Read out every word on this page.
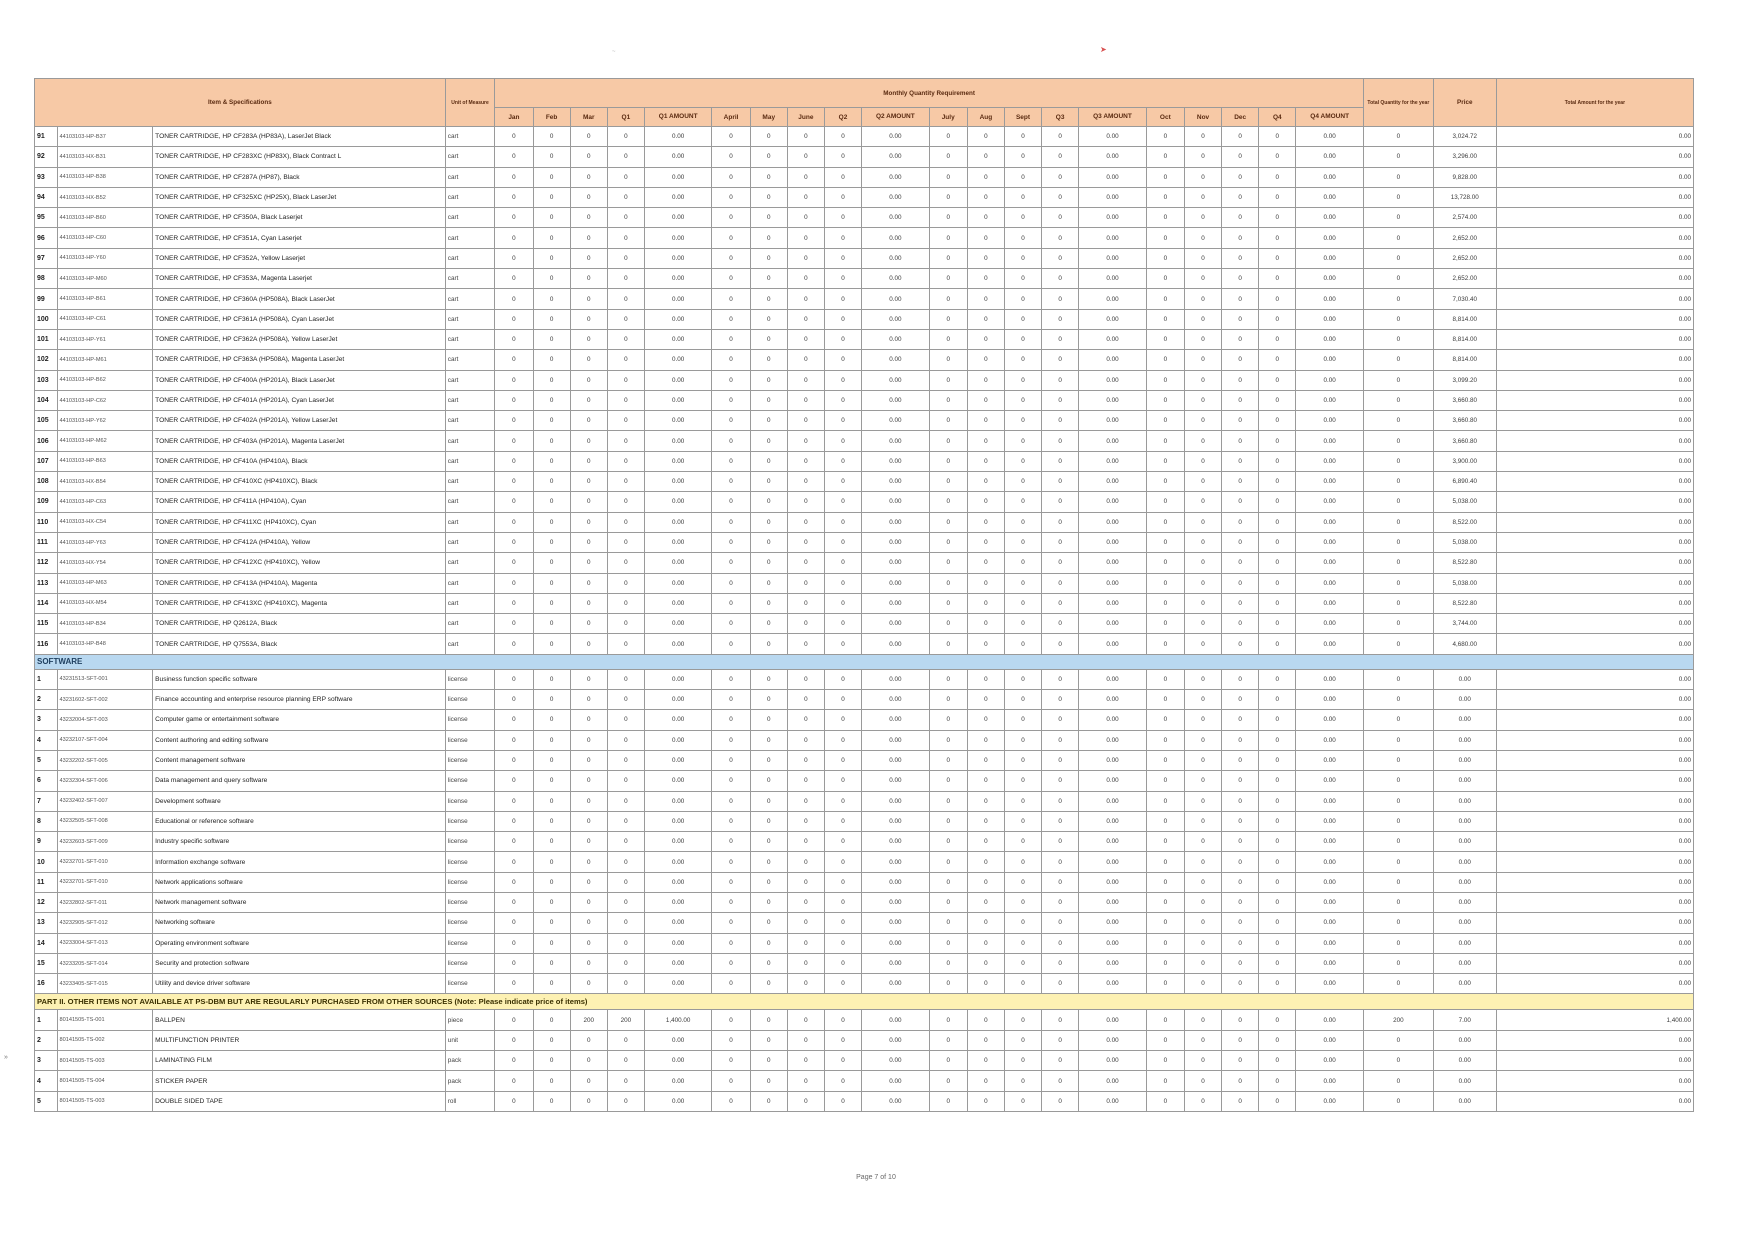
➤
~
Item & Specifications			Unit of Measure	Monthly Quantity Requirement																				Total Quantity for the year	Price	Total Amount for the year
				Jan	Feb	Mar	Q1	Q1 AMOUNT	April	May	June	Q2	Q2 AMOUNT	July	Aug	Sept	Q3	Q3 AMOUNT	Oct	Nov	Dec	Q4	Q4 AMOUNT			
91	44103103-HP-B37	TONER CARTRIDGE, HP CF283A (HP83A), LaserJet Black	cart	0	0	0	0	0.00	0	0	0	0	0.00	0	0	0	0	0.00	0	0	0	0	0.00	0	3,024.72	0.00
92	44103103-HX-B31	TONER CARTRIDGE, HP CF283XC (HP83X), Black Contract L	cart	0	0	0	0	0.00	0	0	0	0	0.00	0	0	0	0	0.00	0	0	0	0	0.00	0	3,296.00	0.00
93	44103103-HP-B38	TONER CARTRIDGE, HP CF287A (HP87), Black	cart	0	0	0	0	0.00	0	0	0	0	0.00	0	0	0	0	0.00	0	0	0	0	0.00	0	9,828.00	0.00
94	44103103-HX-B52	TONER CARTRIDGE, HP CF325XC (HP25X), Black LaserJet	cart	0	0	0	0	0.00	0	0	0	0	0.00	0	0	0	0	0.00	0	0	0	0	0.00	0	13,728.00	0.00
95	44103103-HP-B60	TONER CARTRIDGE, HP CF350A, Black Laserjet	cart	0	0	0	0	0.00	0	0	0	0	0.00	0	0	0	0	0.00	0	0	0	0	0.00	0	2,574.00	0.00
96	44103103-HP-C60	TONER CARTRIDGE, HP CF351A, Cyan Laserjet	cart	0	0	0	0	0.00	0	0	0	0	0.00	0	0	0	0	0.00	0	0	0	0	0.00	0	2,652.00	0.00
97	44103103-HP-Y60	TONER CARTRIDGE, HP CF352A, Yellow Laserjet	cart	0	0	0	0	0.00	0	0	0	0	0.00	0	0	0	0	0.00	0	0	0	0	0.00	0	2,652.00	0.00
98	44103103-HP-M60	TONER CARTRIDGE, HP CF353A, Magenta Laserjet	cart	0	0	0	0	0.00	0	0	0	0	0.00	0	0	0	0	0.00	0	0	0	0	0.00	0	2,652.00	0.00
99	44103103-HP-B61	TONER CARTRIDGE, HP CF360A (HP508A), Black LaserJet	cart	0	0	0	0	0.00	0	0	0	0	0.00	0	0	0	0	0.00	0	0	0	0	0.00	0	7,030.40	0.00
100	44103103-HP-C61	TONER CARTRIDGE, HP CF361A (HP508A), Cyan LaserJet	cart	0	0	0	0	0.00	0	0	0	0	0.00	0	0	0	0	0.00	0	0	0	0	0.00	0	8,814.00	0.00
101	44103103-HP-Y61	TONER CARTRIDGE, HP CF362A (HP508A), Yellow LaserJet	cart	0	0	0	0	0.00	0	0	0	0	0.00	0	0	0	0	0.00	0	0	0	0	0.00	0	8,814.00	0.00
102	44103103-HP-M61	TONER CARTRIDGE, HP CF363A (HP508A), Magenta LaserJet	cart	0	0	0	0	0.00	0	0	0	0	0.00	0	0	0	0	0.00	0	0	0	0	0.00	0	8,814.00	0.00
103	44103103-HP-B62	TONER CARTRIDGE, HP CF400A (HP201A), Black LaserJet	cart	0	0	0	0	0.00	0	0	0	0	0.00	0	0	0	0	0.00	0	0	0	0	0.00	0	3,099.20	0.00
104	44103103-HP-C62	TONER CARTRIDGE, HP CF401A (HP201A), Cyan LaserJet	cart	0	0	0	0	0.00	0	0	0	0	0.00	0	0	0	0	0.00	0	0	0	0	0.00	0	3,660.80	0.00
105	44103103-HP-Y62	TONER CARTRIDGE, HP CF402A (HP201A), Yellow LaserJet	cart	0	0	0	0	0.00	0	0	0	0	0.00	0	0	0	0	0.00	0	0	0	0	0.00	0	3,660.80	0.00
106	44103103-HP-M62	TONER CARTRIDGE, HP CF403A (HP201A), Magenta LaserJet	cart	0	0	0	0	0.00	0	0	0	0	0.00	0	0	0	0	0.00	0	0	0	0	0.00	0	3,660.80	0.00
107	44103103-HP-B63	TONER CARTRIDGE, HP CF410A (HP410A), Black	cart	0	0	0	0	0.00	0	0	0	0	0.00	0	0	0	0	0.00	0	0	0	0	0.00	0	3,900.00	0.00
108	44103103-HX-B54	TONER CARTRIDGE, HP CF410XC (HP410XC), Black	cart	0	0	0	0	0.00	0	0	0	0	0.00	0	0	0	0	0.00	0	0	0	0	0.00	0	6,890.40	0.00
109	44103103-HP-C63	TONER CARTRIDGE, HP CF411A (HP410A), Cyan	cart	0	0	0	0	0.00	0	0	0	0	0.00	0	0	0	0	0.00	0	0	0	0	0.00	0	5,038.00	0.00
110	44103103-HX-C54	TONER CARTRIDGE, HP CF411XC (HP410XC), Cyan	cart	0	0	0	0	0.00	0	0	0	0	0.00	0	0	0	0	0.00	0	0	0	0	0.00	0	8,522.00	0.00
111	44103103-HP-Y63	TONER CARTRIDGE, HP CF412A (HP410A), Yellow	cart	0	0	0	0	0.00	0	0	0	0	0.00	0	0	0	0	0.00	0	0	0	0	0.00	0	5,038.00	0.00
112	44103103-HX-Y54	TONER CARTRIDGE, HP CF412XC (HP410XC), Yellow	cart	0	0	0	0	0.00	0	0	0	0	0.00	0	0	0	0	0.00	0	0	0	0	0.00	0	8,522.80	0.00
113	44103103-HP-M63	TONER CARTRIDGE, HP CF413A (HP410A), Magenta	cart	0	0	0	0	0.00	0	0	0	0	0.00	0	0	0	0	0.00	0	0	0	0	0.00	0	5,038.00	0.00
114	44103103-HX-M54	TONER CARTRIDGE, HP CF413XC (HP410XC), Magenta	cart	0	0	0	0	0.00	0	0	0	0	0.00	0	0	0	0	0.00	0	0	0	0	0.00	0	8,522.80	0.00
115	44103103-HP-B34	TONER CARTRIDGE, HP Q2612A, Black	cart	0	0	0	0	0.00	0	0	0	0	0.00	0	0	0	0	0.00	0	0	0	0	0.00	0	3,744.00	0.00
116	44103103-HP-B48	TONER CARTRIDGE, HP Q7553A, Black	cart	0	0	0	0	0.00	0	0	0	0	0.00	0	0	0	0	0.00	0	0	0	0	0.00	0	4,680.00	0.00
SOFTWARE																										
1	43231513-SFT-001	Business function specific software	license	0	0	0	0	0.00	0	0	0	0	0.00	0	0	0	0	0.00	0	0	0	0	0.00	0	0.00	0.00
2	43231602-SFT-002	Finance accounting and enterprise resource planning ERP software	license	0	0	0	0	0.00	0	0	0	0	0.00	0	0	0	0	0.00	0	0	0	0	0.00	0	0.00	0.00
3	43232004-SFT-003	Computer game or entertainment software	license	0	0	0	0	0.00	0	0	0	0	0.00	0	0	0	0	0.00	0	0	0	0	0.00	0	0.00	0.00
4	43232107-SFT-004	Content authoring and editing software	license	0	0	0	0	0.00	0	0	0	0	0.00	0	0	0	0	0.00	0	0	0	0	0.00	0	0.00	0.00
5	43232202-SFT-005	Content management software	license	0	0	0	0	0.00	0	0	0	0	0.00	0	0	0	0	0.00	0	0	0	0	0.00	0	0.00	0.00
6	43232304-SFT-006	Data management and query software	license	0	0	0	0	0.00	0	0	0	0	0.00	0	0	0	0	0.00	0	0	0	0	0.00	0	0.00	0.00
7	43232402-SFT-007	Development software	license	0	0	0	0	0.00	0	0	0	0	0.00	0	0	0	0	0.00	0	0	0	0	0.00	0	0.00	0.00
8	43232505-SFT-008	Educational or reference software	license	0	0	0	0	0.00	0	0	0	0	0.00	0	0	0	0	0.00	0	0	0	0	0.00	0	0.00	0.00
9	43232603-SFT-009	Industry specific software	license	0	0	0	0	0.00	0	0	0	0	0.00	0	0	0	0	0.00	0	0	0	0	0.00	0	0.00	0.00
10	43232701-SFT-010	Information exchange software	license	0	0	0	0	0.00	0	0	0	0	0.00	0	0	0	0	0.00	0	0	0	0	0.00	0	0.00	0.00
11	43232701-SFT-010	Network applications software	license	0	0	0	0	0.00	0	0	0	0	0.00	0	0	0	0	0.00	0	0	0	0	0.00	0	0.00	0.00
12	43232802-SFT-011	Network management software	license	0	0	0	0	0.00	0	0	0	0	0.00	0	0	0	0	0.00	0	0	0	0	0.00	0	0.00	0.00
13	43232905-SFT-012	Networking software	license	0	0	0	0	0.00	0	0	0	0	0.00	0	0	0	0	0.00	0	0	0	0	0.00	0	0.00	0.00
14	43233004-SFT-013	Operating environment software	license	0	0	0	0	0.00	0	0	0	0	0.00	0	0	0	0	0.00	0	0	0	0	0.00	0	0.00	0.00
15	43233205-SFT-014	Security and protection software	license	0	0	0	0	0.00	0	0	0	0	0.00	0	0	0	0	0.00	0	0	0	0	0.00	0	0.00	0.00
16	43233405-SFT-015	Utility and device driver software	license	0	0	0	0	0.00	0	0	0	0	0.00	0	0	0	0	0.00	0	0	0	0	0.00	0	0.00	0.00
PART II. OTHER ITEMS NOT AVAILABLE AT PS-DBM BUT ARE REGULARLY PURCHASED FROM OTHER SOURCES (Note: Please indicate price of items)																										
1	80141505-TS-001	BALLPEN	piece	0	0	200	200	1,400.00	0	0	0	0	0.00	0	0	0	0	0.00	0	0	0	0	0.00	200	7.00	1,400.00
2	80141505-TS-002	MULTIFUNCTION PRINTER	unit	0	0	0	0	0.00	0	0	0	0	0.00	0	0	0	0	0.00	0	0	0	0	0.00	0	0.00	0.00
3	80141505-TS-003	LAMINATING FILM	pack	0	0	0	0	0.00	0	0	0	0	0.00	0	0	0	0	0.00	0	0	0	0	0.00	0	0.00	0.00
4	80141505-TS-004	STICKER PAPER	pack	0	0	0	0	0.00	0	0	0	0	0.00	0	0	0	0	0.00	0	0	0	0	0.00	0	0.00	0.00
5	80141505-TS-003	DOUBLE SIDED TAPE	roll	0	0	0	0	0.00	0	0	0	0	0.00	0	0	0	0	0.00	0	0	0	0	0.00	0	0.00	0.00
»
Page 7 of 10
